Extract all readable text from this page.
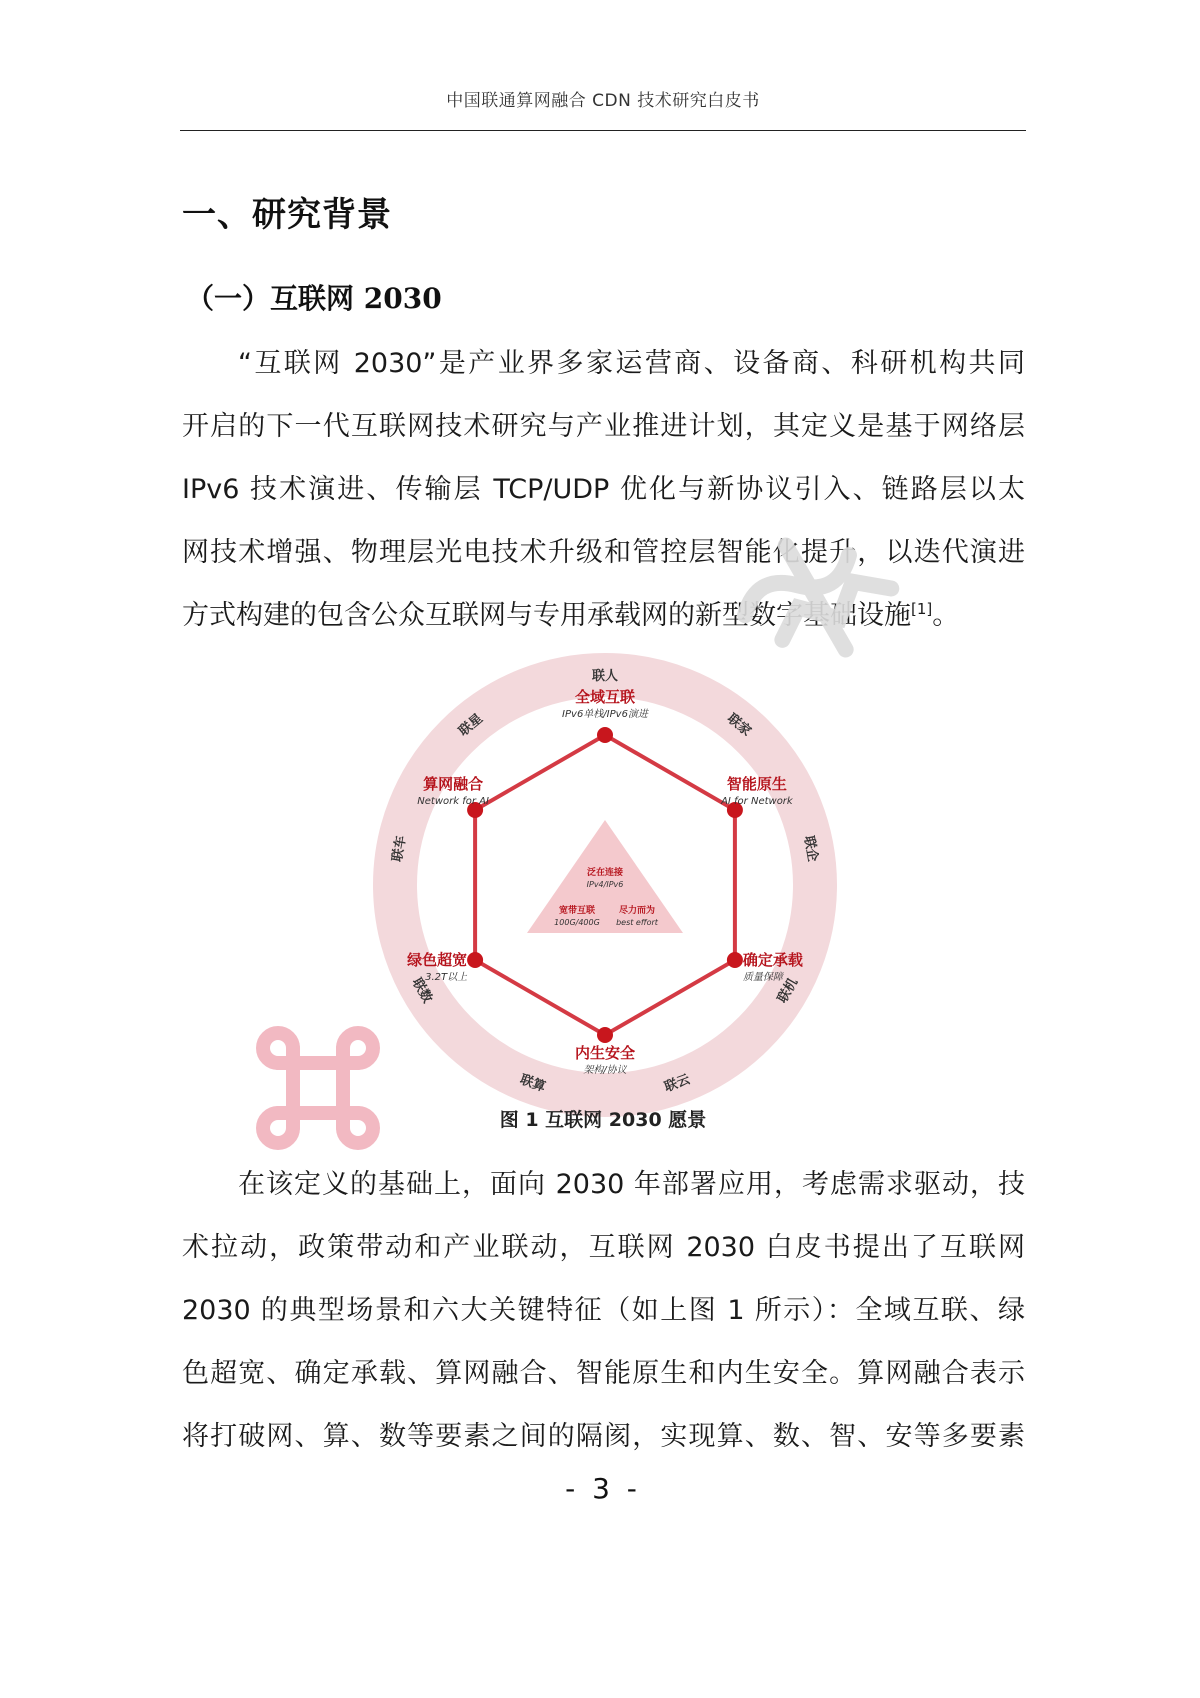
中国联通算网融合 CDN 技术研究白皮书
一、研究背景
（一）互联网 2030
“互联网 2030”是产业界多家运营商、设备商、科研机构共同
开启的下一代互联网技术研究与产业推进计划，其定义是基于网络层
IPv6 技术演进、传输层 TCP/UDP 优化与新协议引入、链路层以太
网技术增强、物理层光电技术升级和管控层智能化提升，以迭代演进
方式构建的包含公众互联网与专用承载网的新型数字基础设施[1]。
联人
联家
联企
联机
联云
联算
联数
联车
联星
泛在连接
IPv4/IPv6
宽带互联
100G/400G
尽力而为
best effort
全域互联
IPv6单栈/IPv6演进
智能原生
AI for Network
确定承载
质量保障
内生安全
架构/协议
绿色超宽
3.2T以上
算网融合
Network for AI
图 1 互联网 2030 愿景
在该定义的基础上，面向 2030 年部署应用，考虑需求驱动，技
术拉动，政策带动和产业联动，互联网 2030 白皮书提出了互联网
2030 的典型场景和六大关键特征（如上图 1 所示）：全域互联、绿
色超宽、确定承载、算网融合、智能原生和内生安全。算网融合表示
将打破网、算、数等要素之间的隔阂，实现算、数、智、安等多要素
- 3 -
